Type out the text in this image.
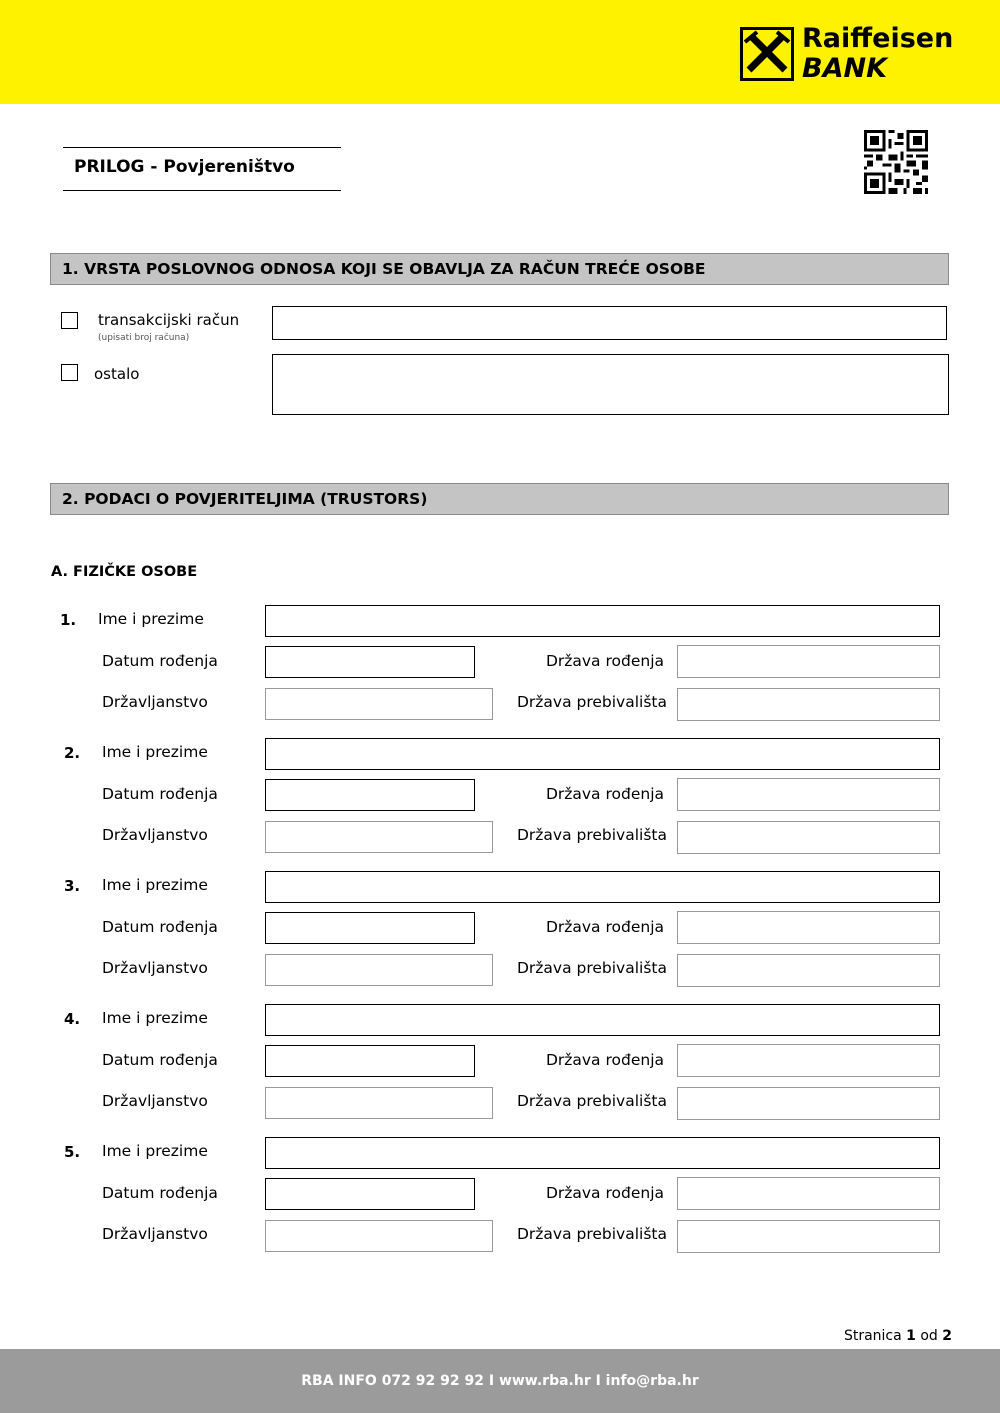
Raiffeisen
BANK
PRILOG - Povjereništvo
1. VRSTA POSLOVNOG ODNOSA KOJI SE OBAVLJA ZA RAČUN TREĆE OSOBE
transakcijski račun
(upisati broj računa)
ostalo
2. PODACI O POVJERITELJIMA (TRUSTORS)
A. FIZIČKE OSOBE
1. Ime i prezime
Datum rođenja	Država rođenja
Državljanstvo	Država prebivališta
2. Ime i prezime
Datum rođenja	Država rođenja
Državljanstvo	Država prebivališta
3. Ime i prezime
Datum rođenja	Država rođenja
Državljanstvo	Država prebivališta
4. Ime i prezime
Datum rođenja	Država rođenja
Državljanstvo	Država prebivališta
5. Ime i prezime
Datum rođenja	Država rođenja
Državljanstvo	Država prebivališta
Stranica 1 od 2
RBA INFO 072 92 92 92 I www.rba.hr I info@rba.hr
